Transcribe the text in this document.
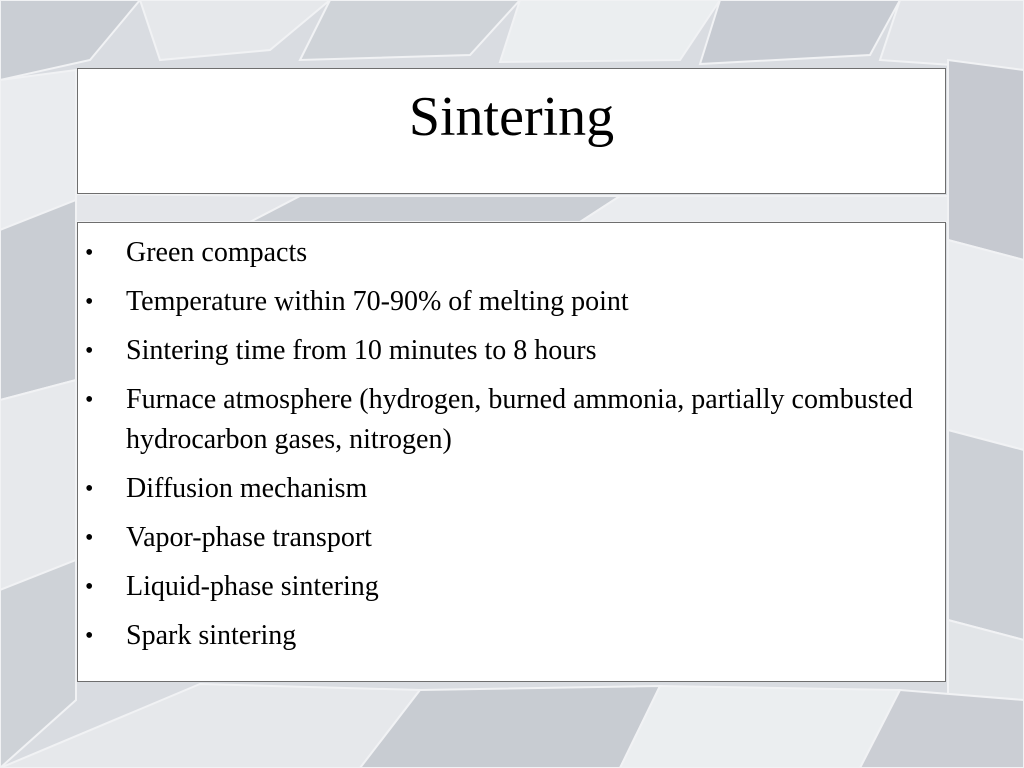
Sintering
•	Green compacts
•	Temperature within 70-90% of melting point
•	Sintering time from 10 minutes to 8 hours
•	Furnace atmosphere (hydrogen, burned ammonia, partially combusted hydrocarbon gases, nitrogen)
•	Diffusion mechanism
•	Vapor-phase transport
•	Liquid-phase sintering
•	Spark sintering
